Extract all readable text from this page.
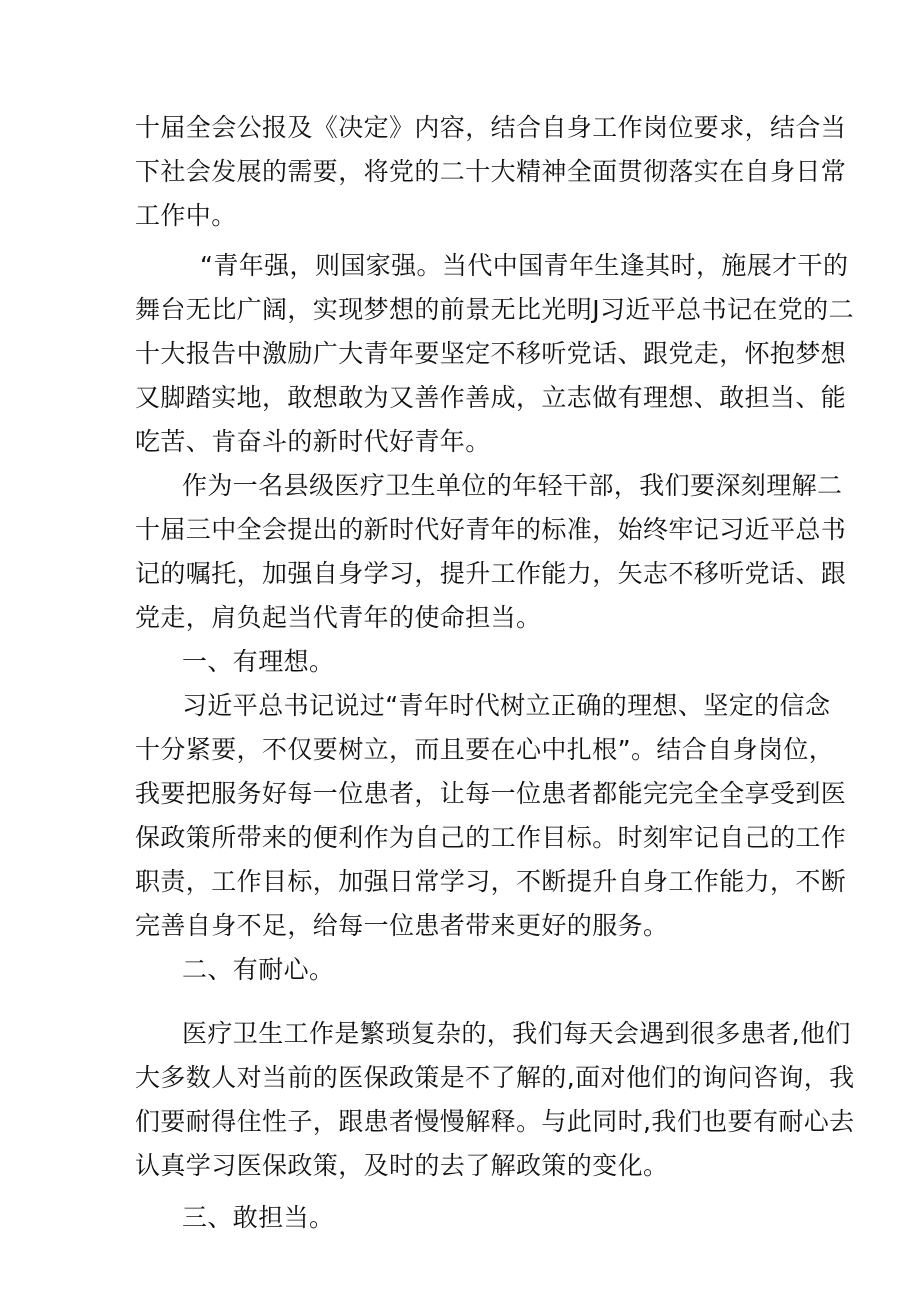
十届全会公报及《决定》内容，结合自身工作岗位要求，结合当
下社会发展的需要，将党的二十大精神全面贯彻落实在自身日常
工作中。
“青年强，则国家强。当代中国青年生逢其时，施展才干的
舞台无比广阔，实现梦想的前景无比光明J习近平总书记在党的二
十大报告中激励广大青年要坚定不移听党话、跟党走，怀抱梦想
又脚踏实地，敢想敢为又善作善成，立志做有理想、敢担当、能
吃苦、肯奋斗的新时代好青年。
作为一名县级医疗卫生单位的年轻干部，我们要深刻理解二
十届三中全会提出的新时代好青年的标准，始终牢记习近平总书
记的嘱托，加强自身学习，提升工作能力，矢志不移听党话、跟
党走，肩负起当代青年的使命担当。
一、有理想。
习近平总书记说过“青年时代树立正确的理想、坚定的信念
十分紧要，不仅要树立，而且要在心中扎根”。结合自身岗位，
我要把服务好每一位患者，让每一位患者都能完完全全享受到医
保政策所带来的便利作为自己的工作目标。时刻牢记自己的工作
职责，工作目标，加强日常学习，不断提升自身工作能力，不断
完善自身不足，给每一位患者带来更好的服务。
二、有耐心。
医疗卫生工作是繁琐复杂的，我们每天会遇到很多患者,他们
大多数人对当前的医保政策是不了解的,面对他们的询问咨询，我
们要耐得住性子，跟患者慢慢解释。与此同时,我们也要有耐心去
认真学习医保政策，及时的去了解政策的变化。
三、敢担当。
